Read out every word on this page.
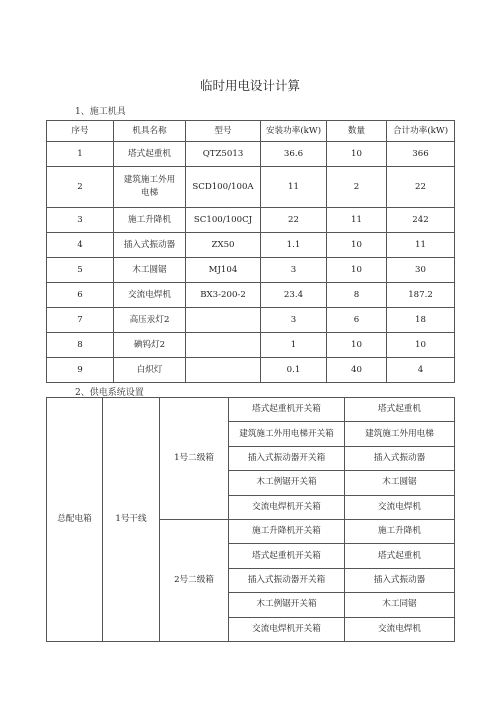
临时用电设计计算
1、施工机具
序号	机具名称	型号	安装功率(kW)	数量	合计功率(kW)
1	塔式起重机	QTZ5013	36.6	10	366
2	建筑施工外用电梯	SCD100/100A	11	2	22
3	施工升降机	SC100/100CJ	22	11	242
4	插入式振动器	ZX50	1.1	10	11
5	木工圆锯	MJ104	3	10	30
6	交流电焊机	BX3-200-2	23.4	8	187.2
7	高压汞灯2		3	6	18
8	碘钨灯2		1	10	10
9	白炽灯		0.1	40	4
2、供电系统设置
总配电箱	1号干线	1号二级箱	塔式起重机开关箱	塔式起重机
			建筑施工外用电梯开关箱	建筑施工外用电梯
			插入式振动器开关箱	插入式振动器
			木工例锯开关箱	木工圆锯
			交流电焊机开关箱	交流电焊机
		2号二级箱	施工升降机开关箱	施工升降机
			塔式起重机开关箱	塔式起重机
			插入式振动器开关箱	插入式振动器
			木工例锯开关箱	木工同锯
			交流电焊机开关箱	交流电焊机
